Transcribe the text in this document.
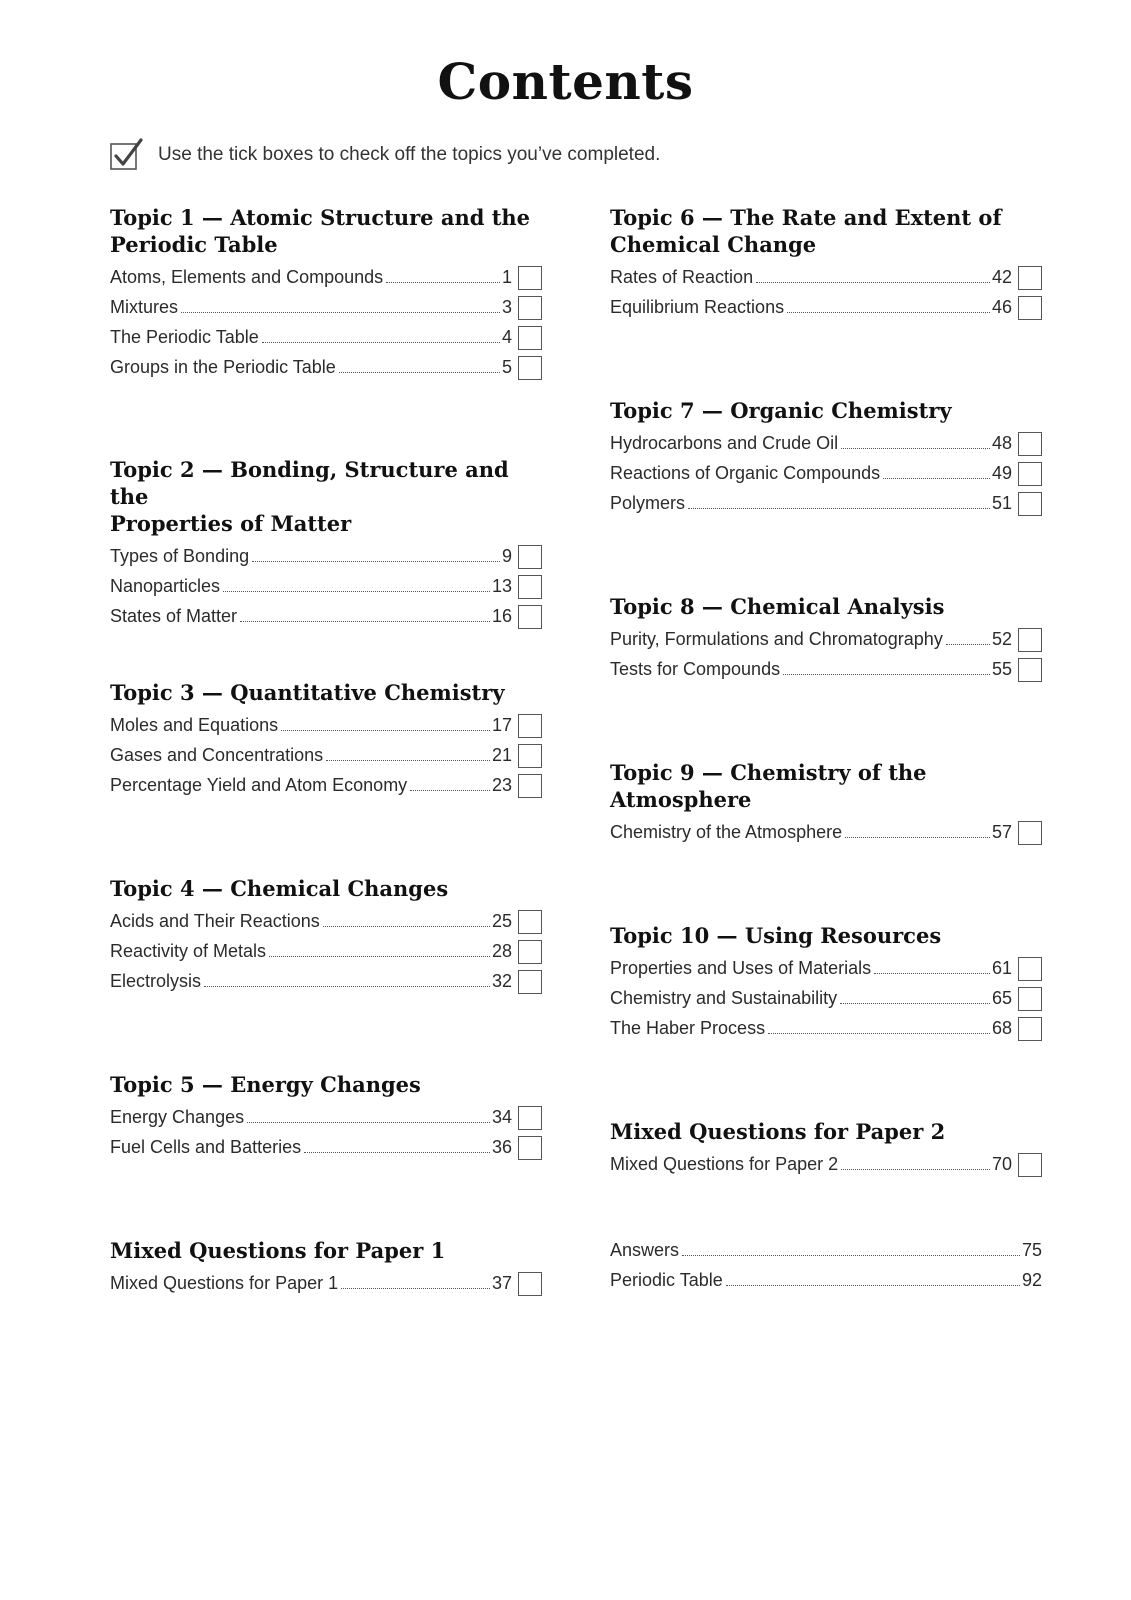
Contents
Use the tick boxes to check off the topics you’ve completed.
Topic 1 — Atomic Structure and the
Periodic Table
Atoms, Elements and Compounds	1
Mixtures	3
The Periodic Table	4
Groups in the Periodic Table	5
Topic 2 — Bonding, Structure and the
Properties of Matter
Types of Bonding	9
Nanoparticles	13
States of Matter	16
Topic 3 — Quantitative Chemistry
Moles and Equations	17
Gases and Concentrations	21
Percentage Yield and Atom Economy	23
Topic 4 — Chemical Changes
Acids and Their Reactions	25
Reactivity of Metals	28
Electrolysis	32
Topic 5 — Energy Changes
Energy Changes	34
Fuel Cells and Batteries	36
Mixed Questions for Paper 1
Mixed Questions for Paper 1	37
Topic 6 — The Rate and Extent of
Chemical Change
Rates of Reaction	42
Equilibrium Reactions	46
Topic 7 — Organic Chemistry
Hydrocarbons and Crude Oil	48
Reactions of Organic Compounds	49
Polymers	51
Topic 8 — Chemical Analysis
Purity, Formulations and Chromatography	52
Tests for Compounds	55
Topic 9 — Chemistry of the
Atmosphere
Chemistry of the Atmosphere	57
Topic 10 — Using Resources
Properties and Uses of Materials	61
Chemistry and Sustainability	65
The Haber Process	68
Mixed Questions for Paper 2
Mixed Questions for Paper 2	70
Answers	75
Periodic Table	92
